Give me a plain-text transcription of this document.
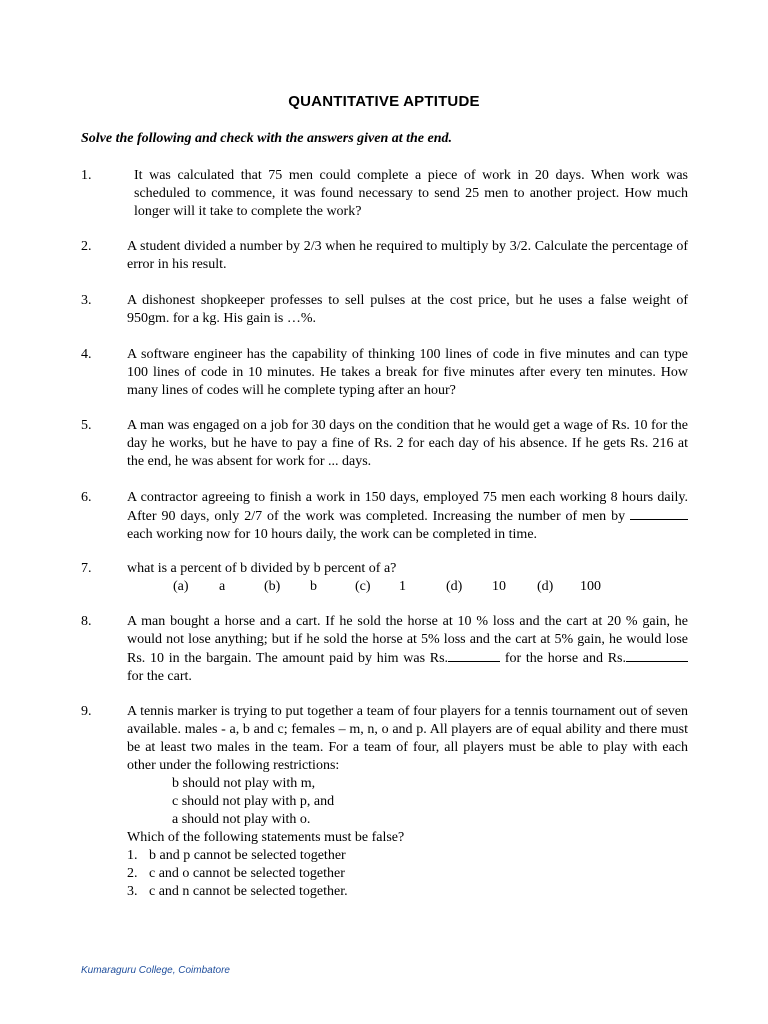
QUANTITATIVE APTITUDE
Solve the following and check with the answers given at the end.
1.	It was calculated that 75 men could complete a piece of work in 20 days. When work was scheduled to commence, it was found necessary to send 25 men to another project. How much longer will it take to complete the work?

2.	A student divided a number by 2/3 when he required to multiply by 3/2. Calculate the percentage of error in his result.

3.	A dishonest shopkeeper professes to sell pulses at the cost price, but he uses a false weight of 950gm. for a kg. His gain is …%.

4.	A software engineer has the capability of thinking 100 lines of code in five minutes and can type 100 lines of code in 10 minutes. He takes a break for five minutes after every ten minutes. How many lines of codes will he complete typing after an hour?

5.	A man was engaged on a job for 30 days on the condition that he would get a wage of Rs. 10 for the day he works, but he have to pay a fine of Rs. 2 for each day of his absence. If he gets Rs. 216 at the end, he was absent for work for ... days.

6.	A contractor agreeing to finish a work in 150 days, employed 75 men each working 8 hours daily. After 90 days, only 2/7 of the work was completed. Increasing the number of men by  each working now for 10 hours daily, the work can be completed in time.

7.	what is a percent of b divided by b percent of a?

(a)	a	(b)	b	(c)	1	(d)	10	(d)	100
8.	A man bought a horse and a cart. If he sold the horse at 10 % loss and the cart at 20 % gain, he would not lose anything; but if he sold the horse at 5% loss and the cart at 5% gain, he would lose Rs. 10 in the bargain. The amount paid by him was Rs.	for the horse and Rs. for the cart.

9.	A tennis marker is trying to put together a team of four players for a tennis tournament out of seven available. males - a, b and c; females – m, n, o and p. All players are of equal ability and there must be at least two males in the team. For a team of four, all players must be able to play with each other under the following restrictions:

b should not play with m,
c should not play with p, and
a should not play with o.

Which of the following statements must be false?

1. b and p cannot be selected together
2. c and o cannot be selected together
3. c and n cannot be selected together.
Kumaraguru College, Coimbatore
